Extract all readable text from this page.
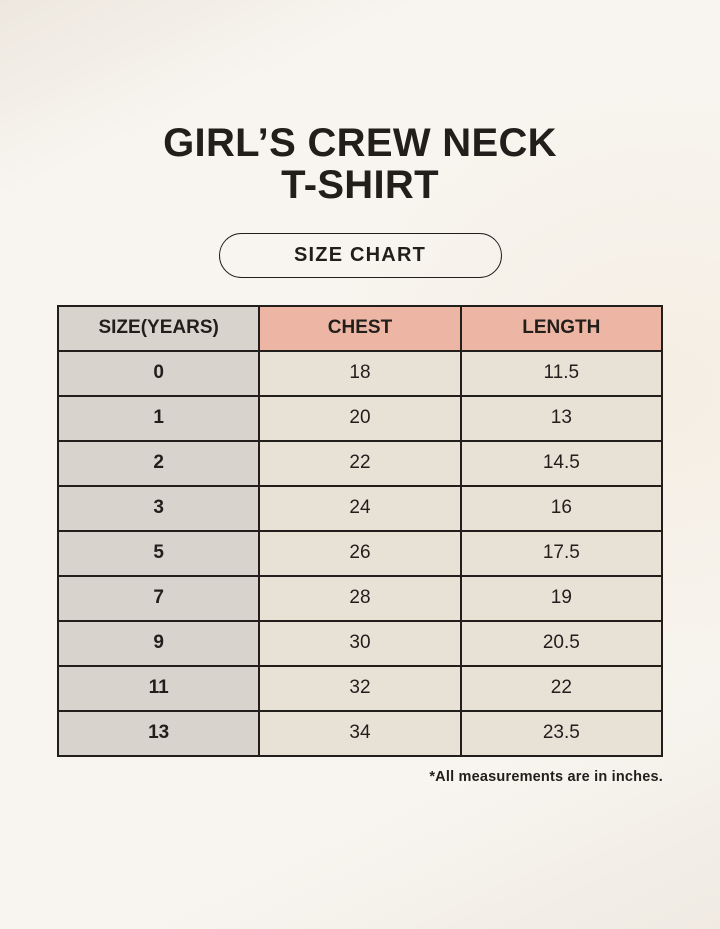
GIRL’S CREW NECK
T-SHIRT
SIZE CHART
SIZE(YEARS)	CHEST	LENGTH
0	18	11.5
1	20	13
2	22	14.5
3	24	16
5	26	17.5
7	28	19
9	30	20.5
11	32	22
13	34	23.5
*All measurements are in inches.
